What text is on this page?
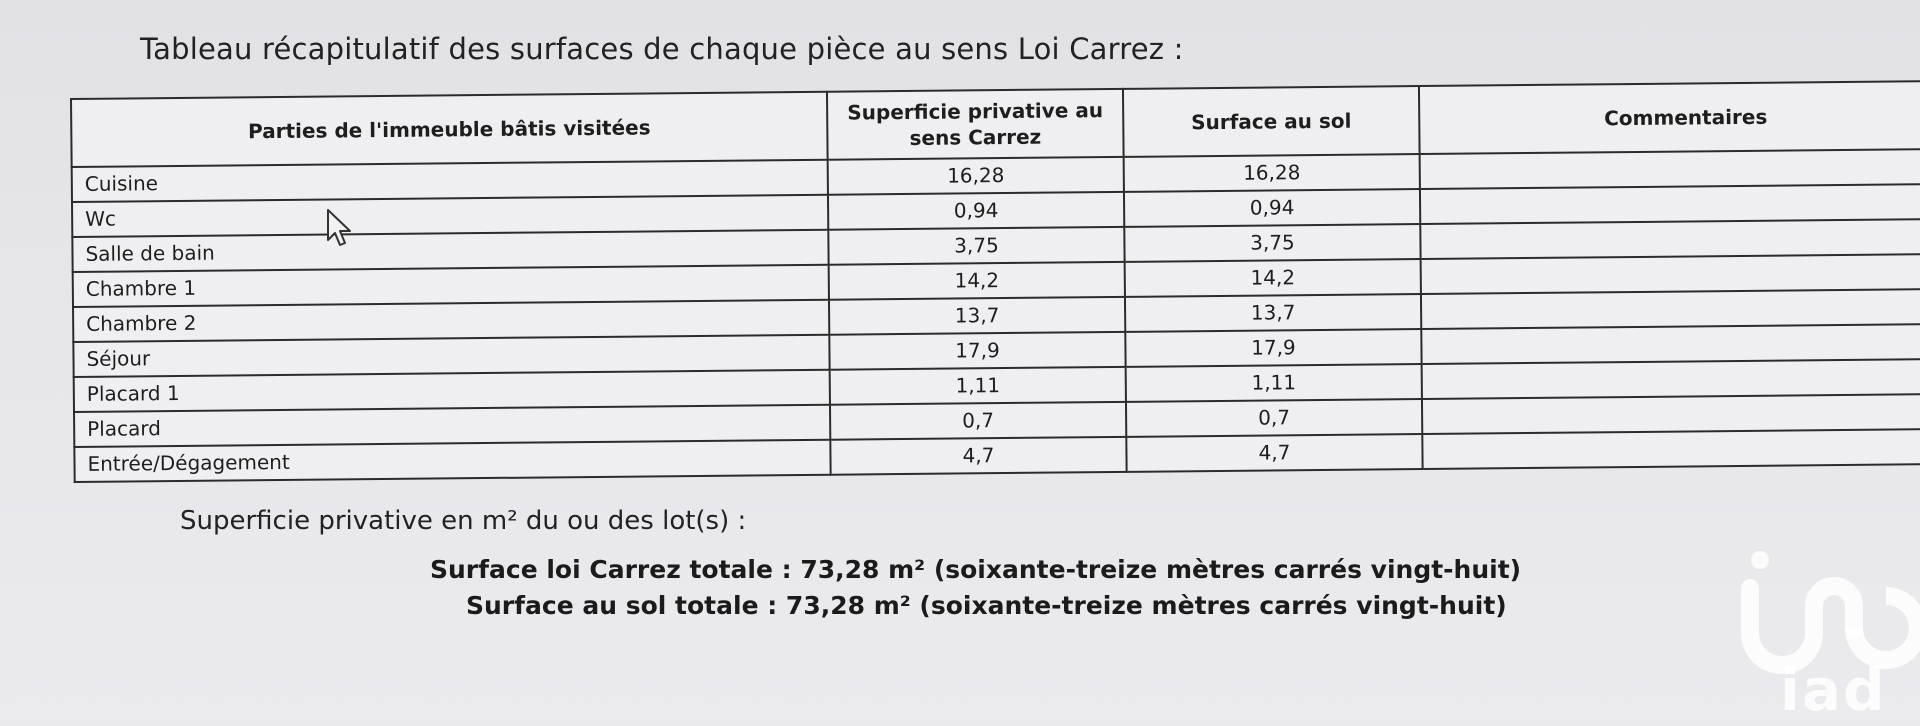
Tableau récapitulatif des surfaces de chaque pièce au sens Loi Carrez :
Parties de l'immeuble bâtis visitées	Superficie privative au sens Carrez	Surface au sol	Commentaires
Cuisine	16,28	16,28	
Wc	0,94	0,94	
Salle de bain	3,75	3,75	
Chambre 1	14,2	14,2	
Chambre 2	13,7	13,7	
Séjour	17,9	17,9	
Placard 1	1,11	1,11	
Placard	0,7	0,7	
Entrée/Dégagement	4,7	4,7	
Superficie privative en m² du ou des lot(s) :
Surface loi Carrez totale : 73,28 m² (soixante-treize mètres carrés vingt-huit)
Surface au sol totale : 73,28 m² (soixante-treize mètres carrés vingt-huit)
iad
